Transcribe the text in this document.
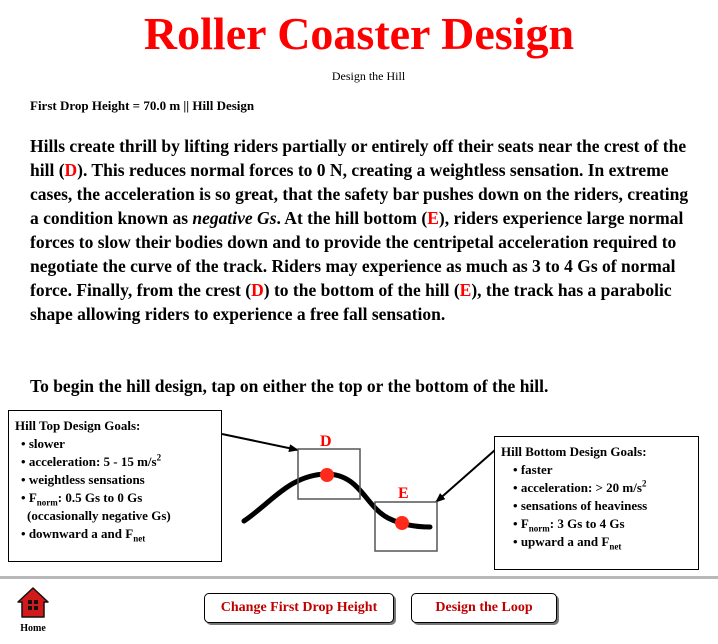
Roller Coaster Design
Design the Hill
First Drop Height = 70.0 m || Hill Design
Hills create thrill by lifting riders partially or entirely off their seats near the crest of the hill (D). This reduces normal forces to 0 N, creating a weightless sensation. In extreme cases, the acceleration is so great, that the safety bar pushes down on the riders, creating a condition known as negative Gs. At the hill bottom (E), riders experience large normal forces to slow their bodies down and to provide the centripetal acceleration required to negotiate the curve of the track. Riders may experience as much as 3 to 4 Gs of normal force. Finally, from the crest (D) to the bottom of the hill (E), the track has a parabolic shape allowing riders to experience a free fall sensation.
To begin the hill design, tap on either the top or the bottom of the hill.
D
E
Hill Top Design Goals:
• slower
• acceleration: 5 - 15 $m/s^2$
• weightless sensations
• $F_{norm}$: 0.5 Gs to 0 Gs
(occasionally negative Gs)
• downward a and $F_{net}$
Hill Bottom Design Goals:
• faster
• acceleration: > 20 $m/s^2$
• sensations of heaviness
• $F_{norm}$: 3 Gs to 4 Gs
• upward a and $F_{net}$
Home
Change First Drop Height	Design the Loop
